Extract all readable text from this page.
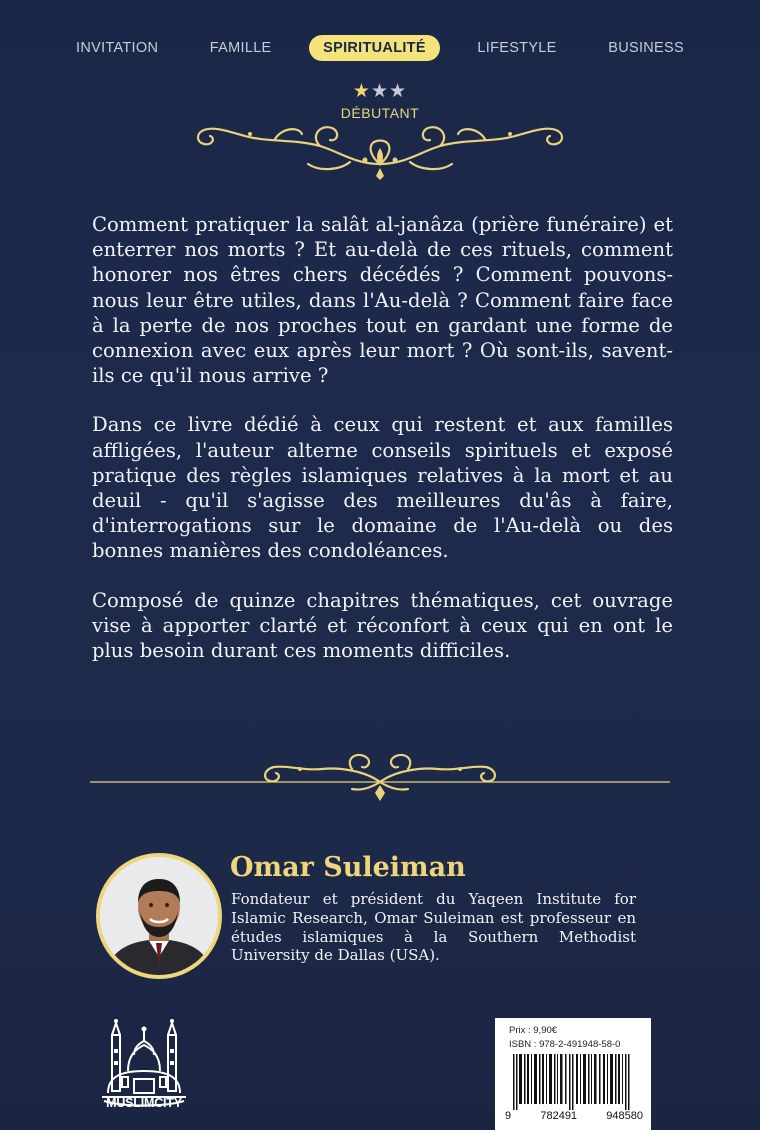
INVITATION	FAMILLE	SPIRITUALITÉ	LIFESTYLE	BUSINESS
★★★
DÉBUTANT

Comment pratiquer la salât al-janâza (prière funéraire) et enterrer nos morts ? Et au-delà de ces rituels, comment honorer nos êtres chers décédés ? Comment pouvons-nous leur être utiles, dans l'Au-delà ? Comment faire face à la perte de nos proches tout en gardant une forme de connexion avec eux après leur mort ? Où sont-ils, savent-ils ce qu'il nous arrive ?

Dans ce livre dédié à ceux qui restent et aux familles affligées, l'auteur alterne conseils spirituels et exposé pratique des règles islamiques relatives à la mort et au deuil - qu'il s'agisse des meilleures du'âs à faire, d'interrogations sur le domaine de l'Au-delà ou des bonnes manières des condoléances.

Composé de quinze chapitres thématiques, cet ouvrage vise à apporter clarté et réconfort à ceux qui en ont le plus besoin durant ces moments difficiles.

Omar Suleiman
Fondateur et président du Yaqeen Institute for Islamic Research, Omar Suleiman est professeur en études islamiques à la Southern Methodist University de Dallas (USA).
MUSLIMCITY
Prix : 9,90€
ISBN : 978-2-491948-58-0
9	782491	948580
